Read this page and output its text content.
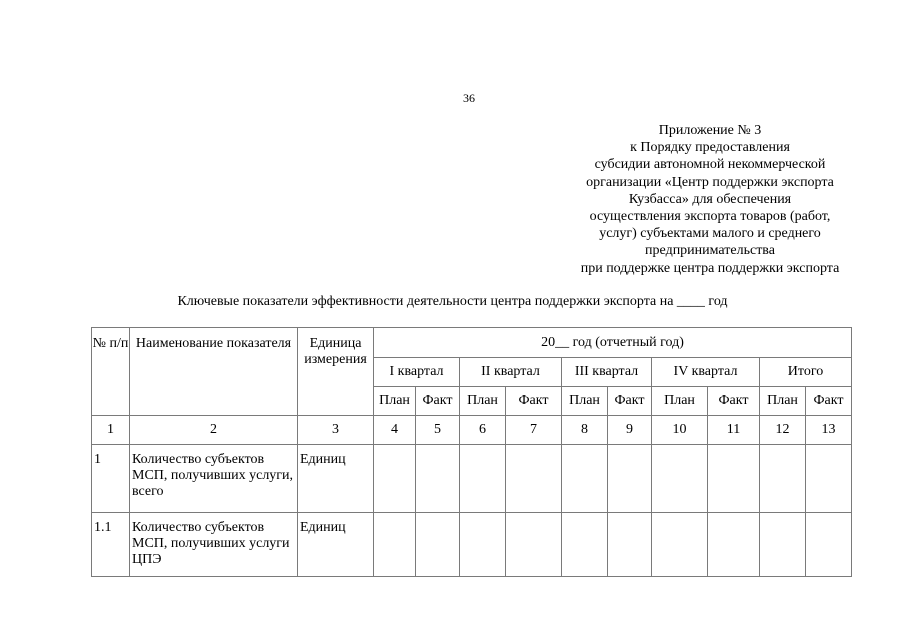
36
Приложение № 3
к Порядку предоставления
субсидии автономной некоммерческой
организации «Центр поддержки экспорта
Кузбасса» для обеспечения
осуществления экспорта товаров (работ,
услуг) субъектами малого и среднего
предпринимательства
при поддержке центра поддержки экспорта
Ключевые показатели эффективности деятельности центра поддержки экспорта на ____ год
№ п/п	Наименование показателя	Единица измерения	20__ год (отчетный год)									
			I квартал		II квартал		III квартал		IV квартал		Итого	
			План	Факт	План	Факт	План	Факт	План	Факт	План	Факт
1	2	3	4	5	6	7	8	9	10	11	12	13
1	Количество субъектов МСП, получивших услуги, всего	Единиц										
1.1	Количество субъектов МСП, получивших услуги ЦПЭ	Единиц										
